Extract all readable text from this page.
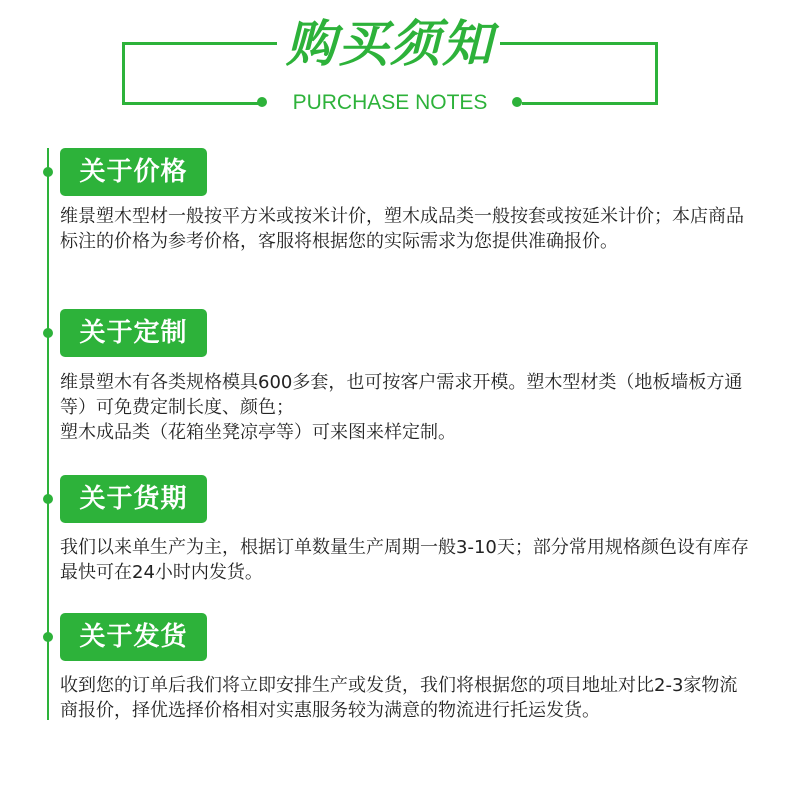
购买须知
PURCHASE NOTES
关于价格

维景塑木型材一般按平方米或按米计价，塑木成品类一般按套或按延米计价；本店商品标注的价格为参考价格，客服将根据您的实际需求为您提供准确报价。

关于定制

维景塑木有各类规格模具600多套，也可按客户需求开模。塑木型材类（地板墙板方通等）可免费定制长度、颜色；

塑木成品类（花箱坐凳凉亭等）可来图来样定制。

关于货期

我们以来单生产为主，根据订单数量生产周期一般3-10天；部分常用规格颜色设有库存最快可在24小时内发货。

关于发货

收到您的订单后我们将立即安排生产或发货，我们将根据您的项目地址对比2-3家物流商报价，择优选择价格相对实惠服务较为满意的物流进行托运发货。
